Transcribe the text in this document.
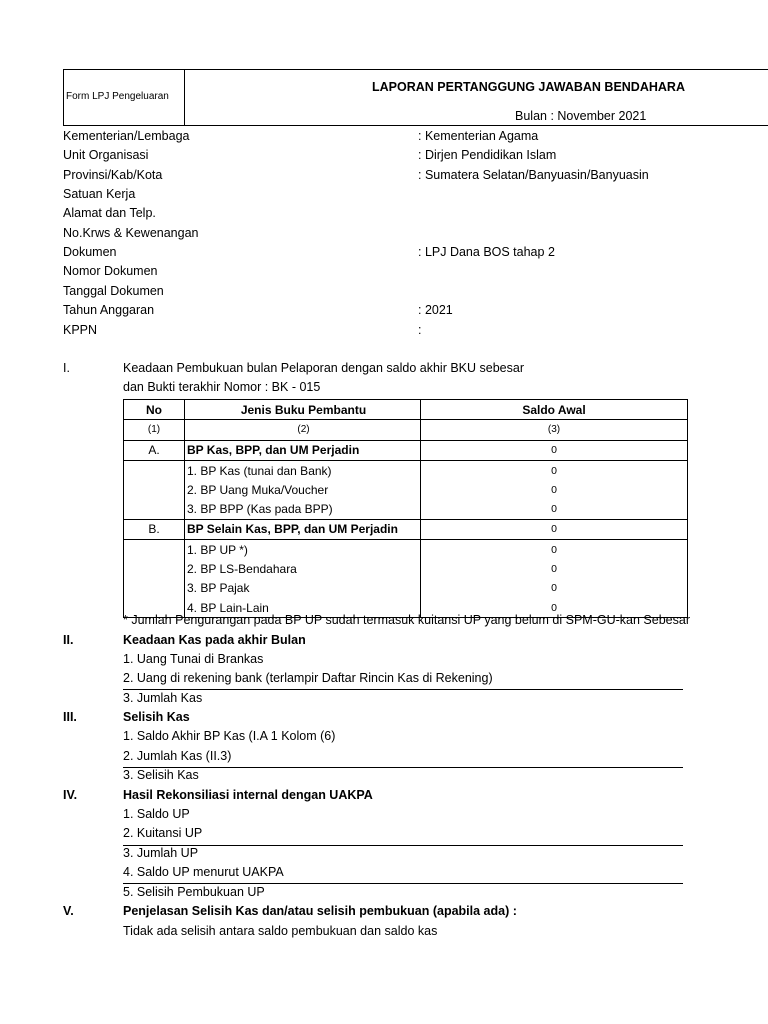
Form LPJ Pengeluaran
LAPORAN PERTANGGUNG JAWABAN BENDAHARA
Bulan : November 2021
Kementerian/Lembaga	: Kementerian Agama
Unit Organisasi	: Dirjen Pendidikan Islam
Provinsi/Kab/Kota	: Sumatera Selatan/Banyuasin/Banyuasin
Satuan Kerja
Alamat dan Telp.
No.Krws & Kewenangan
Dokumen	: LPJ Dana BOS tahap 2
Nomor Dokumen
Tanggal Dokumen
Tahun Anggaran	: 2021
KPPN	:
I.	Keadaan Pembukuan bulan Pelaporan dengan saldo akhir BKU sebesar
dan Bukti terakhir Nomor : BK - 015
No	Jenis Buku Pembantu	Saldo Awal
(1)	(2)	(3)
A.	BP Kas, BPP, dan UM Perjadin	0
	1. BP Kas (tunai dan Bank)	0
	2. BP Uang Muka/Voucher	0
	3. BP BPP (Kas pada BPP)	0
B.	BP Selain Kas, BPP, dan UM Perjadin	0
	1. BP UP *)	0
	2. BP LS-Bendahara	0
	3. BP Pajak	0
	4. BP Lain-Lain	0
* Jumlah Pengurangan pada BP UP sudah termasuk kuitansi UP yang belum di SPM-GU-kan Sebesar
II.	Keadaan Kas pada akhir Bulan
1. Uang Tunai di Brankas
2. Uang di rekening bank (terlampir Daftar Rincin Kas di Rekening)
3. Jumlah Kas
III.	Selisih Kas
1. Saldo Akhir BP Kas (I.A 1 Kolom (6)
2. Jumlah Kas (II.3)
3. Selisih Kas
IV.	Hasil Rekonsiliasi internal dengan UAKPA
1. Saldo UP
2. Kuitansi UP
3. Jumlah UP
4. Saldo UP menurut UAKPA
5. Selisih Pembukuan UP
V.	Penjelasan Selisih Kas dan/atau selisih pembukuan (apabila ada) :
Tidak ada selisih antara saldo pembukuan dan saldo kas
